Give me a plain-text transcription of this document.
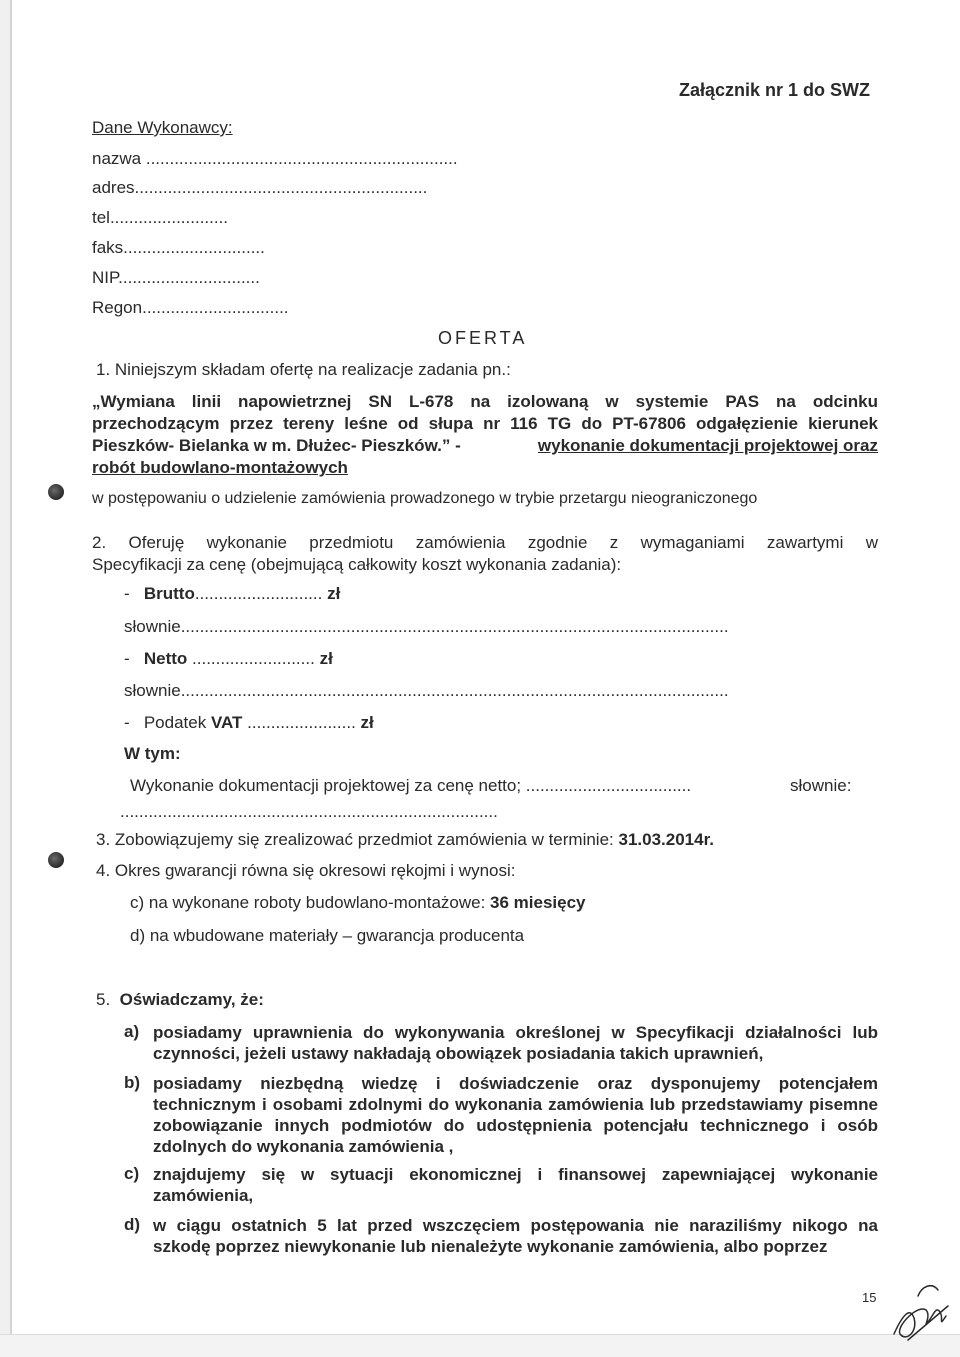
Załącznik nr 1 do SWZ
Dane Wykonawcy:
nazwa ..................................................................
adres..............................................................
tel.........................
faks..............................
NIP..............................
Regon...............................
OFERTA
1. Niniejszym składam ofertę na realizacje zadania pn.:
„Wymiana linii napowietrznej SN L-678 na izolowaną w systemie PAS na odcinku
przechodzącym przez tereny leśne od słupa nr 116 TG do PT-67806 odgałęzienie kierunek
Pieszków- Bielanka w m. Dłużec- Pieszków.” -	wykonanie dokumentacji projektowej oraz
robót budowlano-montażowych
w postępowaniu o udzielenie zamówienia prowadzonego w trybie przetargu nieograniczonego
2. Oferuję wykonanie przedmiotu zamówienia zgodnie z wymaganiami zawartymi w
Specyfikacji za cenę (obejmującą całkowity koszt wykonania zadania):
- Brutto........................... zł
słownie....................................................................................................................
- Netto .......................... zł
słownie....................................................................................................................
- Podatek VAT ....................... zł
W tym:
Wykonanie dokumentacji projektowej za cenę netto; ...................................	słownie:
................................................................................
3. Zobowiązujemy się zrealizować przedmiot zamówienia w terminie: 31.03.2014r.
4. Okres gwarancji równa się okresowi rękojmi i wynosi:
c) na wykonane roboty budowlano-montażowe: 36 miesięcy
d) na wbudowane materiały – gwarancja producenta
5. Oświadczamy, że:
a) posiadamy uprawnienia do wykonywania określonej w Specyfikacji działalności lub czynności, jeżeli ustawy nakładają obowiązek posiadania takich uprawnień,
b) posiadamy niezbędną wiedzę i doświadczenie oraz dysponujemy potencjałem technicznym i osobami zdolnymi do wykonania zamówienia lub przedstawiamy pisemne zobowiązanie innych podmiotów do udostępnienia potencjału technicznego i osób zdolnych do wykonania zamówienia ,
c) znajdujemy się w sytuacji ekonomicznej i finansowej zapewniającej wykonanie zamówienia,
d) w ciągu ostatnich 5 lat przed wszczęciem postępowania nie naraziliśmy nikogo na szkodę poprzez niewykonanie lub nienależyte wykonanie zamówienia, albo poprzez
15
